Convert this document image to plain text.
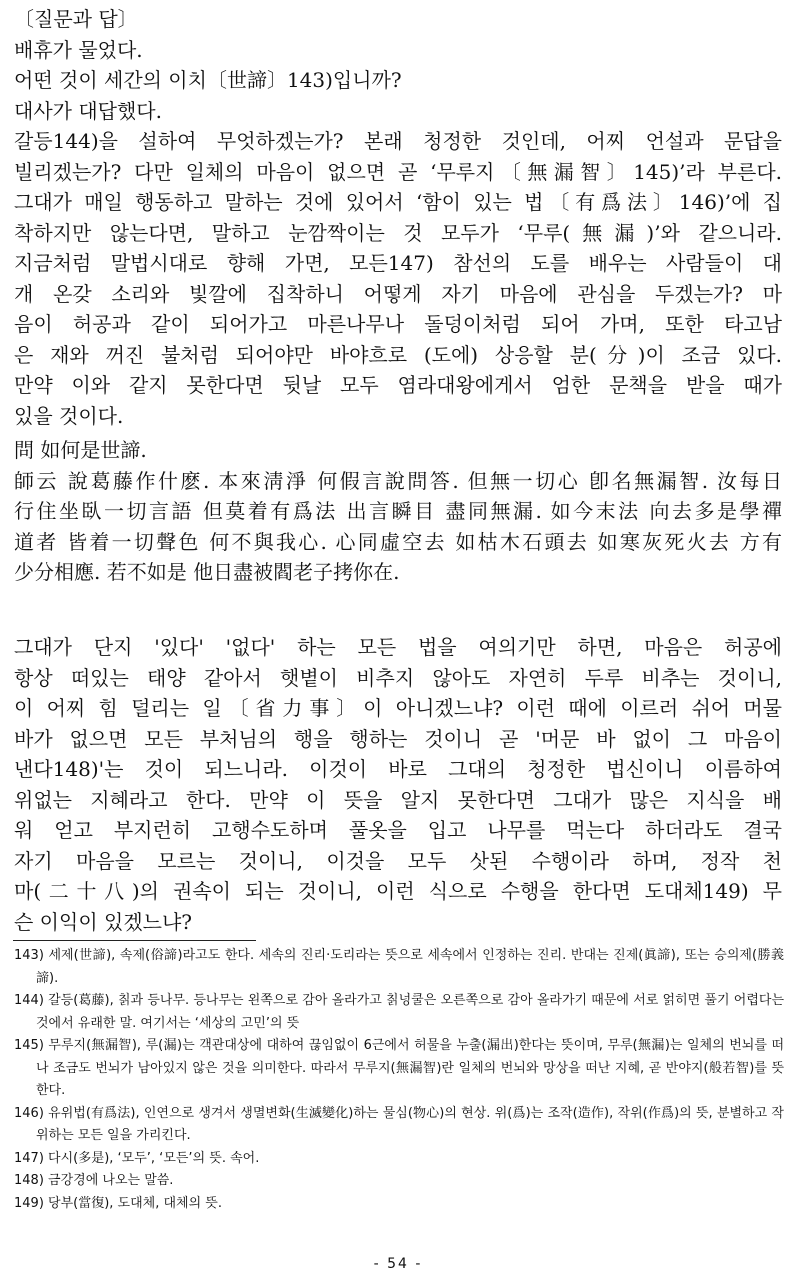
〔질문과 답〕
배휴가 물었다.
어떤 것이 세간의 이치〔世諦〕143)입니까?
대사가 대답했다.
갈등144)을 설하여 무엇하겠는가? 본래 청정한 것인데, 어찌 언설과 문답을
빌리겠는가? 다만 일체의 마음이 없으면 곧 ‘무루지〔無漏智〕145)’라 부른다.
그대가 매일 행동하고 말하는 것에 있어서 ‘함이 있는 법〔有爲法〕146)’에 집
착하지만 않는다면, 말하고 눈깜짝이는 것 모두가 ‘무루(無漏)’와 같으니라.
지금처럼 말법시대로 향해 가면, 모든147) 참선의 도를 배우는 사람들이 대
개 온갖 소리와 빛깔에 집착하니 어떻게 자기 마음에 관심을 두겠는가? 마
음이 허공과 같이 되어가고 마른나무나 돌덩이처럼 되어 가며, 또한 타고남
은 재와 꺼진 불처럼 되어야만 바야흐로 (도에) 상응할 분(分)이 조금 있다.
만약 이와 같지 못한다면 뒷날 모두 염라대왕에게서 엄한 문책을 받을 때가
있을 것이다.
問 如何是世諦.
師云 說葛藤作什麽. 本來淸淨 何假言說問答. 但無一切心 卽名無漏智. 汝每日
行住坐臥一切言語 但莫着有爲法 出言瞬目 盡同無漏. 如今末法 向去多是學禪
道者 皆着一切聲色 何不與我心. 心同虛空去 如枯木石頭去 如寒灰死火去 方有
少分相應. 若不如是 他日盡被閻老子拷你在.
그대가 단지 '있다' '없다' 하는 모든 법을 여의기만 하면, 마음은 허공에
항상 떠있는 태양 같아서 햇볕이 비추지 않아도 자연히 두루 비추는 것이니,
이 어찌 힘 덜리는 일〔省力事〕이 아니겠느냐? 이런 때에 이르러 쉬어 머물
바가 없으면 모든 부처님의 행을 행하는 것이니 곧 '머문 바 없이 그 마음이
낸다148)'는 것이 되느니라. 이것이 바로 그대의 청정한 법신이니 이름하여
위없는 지혜라고 한다. 만약 이 뜻을 알지 못한다면 그대가 많은 지식을 배
워 얻고 부지런히 고행수도하며 풀옷을 입고 나무를 먹는다 하더라도 결국
자기 마음을 모르는 것이니, 이것을 모두 삿된 수행이라 하며, 정작 천
마(二十八)의 권속이 되는 것이니, 이런 식으로 수행을 한다면 도대체149) 무
슨 이익이 있겠느냐?
143) 세제(世諦), 속제(俗諦)라고도 한다. 세속의 진리·도리라는 뜻으로 세속에서 인정하는 진리. 반대는 진제(眞諦), 또는 승의제(勝義諦).
144) 갈등(葛藤), 칡과 등나무. 등나무는 왼쪽으로 감아 올라가고 칡넝쿨은 오른쪽으로 감아 올라가기 때문에 서로 얽히면 풀기 어렵다는 것에서 유래한 말. 여기서는 ‘세상의 고민’의 뜻
145) 무루지(無漏智), 루(漏)는 객관대상에 대하여 끊임없이 6근에서 허물을 누출(漏出)한다는 뜻이며, 무루(無漏)는 일체의 번뇌를 떠나 조금도 번뇌가 남아있지 않은 것을 의미한다. 따라서 무루지(無漏智)란 일체의 번뇌와 망상을 떠난 지혜, 곧 반야지(般若智)를 뜻한다.
146) 유위법(有爲法), 인연으로 생겨서 생멸변화(生滅變化)하는 물심(物心)의 현상. 위(爲)는 조작(造作), 작위(作爲)의 뜻, 분별하고 작위하는 모든 일을 가리킨다.
147) 다시(多是), ‘모두’, ‘모든’의 뜻. 속어.
148) 금강경에 나오는 말씀.
149) 당부(當復), 도대체, 대체의 뜻.
- 54 -
